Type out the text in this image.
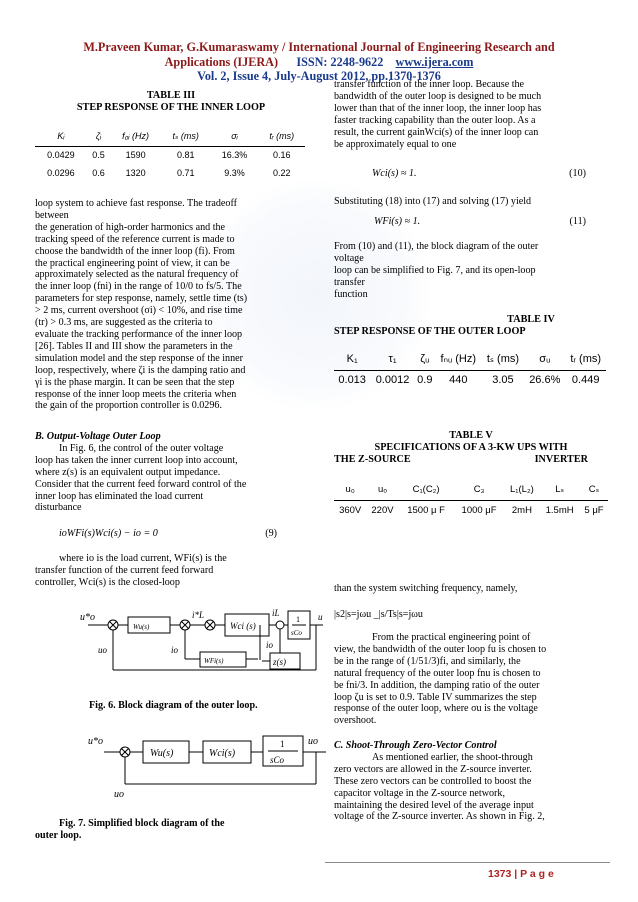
M.Praveen Kumar, G.Kumaraswamy / International Journal of Engineering Research and
Applications (IJERA) ISSN: 2248-9622 www.ijera.com
Vol. 2, Issue 4, July-August 2012, pp.1370-1376
TABLE III
STEP RESPONSE OF THE INNER LOOP
Kᵢ	ζᵢ	f₀ᵢ (Hz)	tₛ (ms)	σᵢ	tᵣ (ms)
0.0429	0.5	1590	0.81	16.3%	0.16
0.0296	0.6	1320	0.71	9.3%	0.22

loop system to achieve fast response. The tradeoff

between

the generation of high-order harmonics and the

tracking speed of the reference current is made to

choose the bandwidth of the inner loop (fi). From

the practical engineering point of view, it can be

approximately selected as the natural frequency of

the inner loop (fni) in the range of 10/0 to fs/5. The

parameters for step response, namely, settle time (ts)

> 2 ms, current overshoot (σi) < 10%, and rise time

(tr) > 0.3 ms, are suggested as the criteria to

evaluate the tracking performance of the inner loop

[26]. Tables II and III show the parameters in the

simulation model and the step response of the inner

loop, respectively, where ζi is the damping ratio and

γi is the phase margin. It can be seen that the step

response of the inner loop meets the criteria when

the gain of the proportion controller is 0.0296.

B. Output-Voltage Outer Loop

In Fig. 6, the control of the outer voltage

loop has taken the inner current loop into account,

where z(s) is an equivalent output impedance.

Consider that the current feed forward control of the

inner loop has eliminated the load current

disturbance

ioWFi(s)Wci(s) − io = 0	(9)

where io is the load current, WFi(s) is the

transfer function of the current feed forward

controller, Wci(s) is the closed-loop

u*o
Wu(s)
i*L
Wci (s)
iL
1
sCo
uo	io
WFi(s)
io
z(s)
u
Fig. 6. Block diagram of the outer loop.
u*o
Wu(s)	Wci(s)
1
sCo
uo
uo

Fig. 7. Simplified block diagram of the

outer loop.

transfer function of the inner loop. Because the

bandwidth of the outer loop is designed to be much

lower than that of the inner loop, the inner loop has

faster tracking capability than the outer loop. As a

result, the current gainWci(s) of the inner loop can

be approximately equal to one

Wci(s) ≈ 1.	(10)
Substituting (18) into (17) and solving (17) yield
WFi(s) ≈ 1.	(11)

From (10) and (11), the block diagram of the outer

voltage

loop can be simplified to Fig. 7, and its open-loop

transfer

function

TABLE IV
STEP RESPONSE OF THE OUTER LOOP
K₁	τ₁	ζᵤ	fₙᵤ (Hz)	tₛ (ms)	σᵤ	tᵣ (ms)
0.013	0.0012	0.9	440	3.05	26.6%	0.449
TABLE V
SPECIFICATIONS OF A 3-KW UPS WITH
THE Z-SOURCE	INVERTER
u₀	uₒ	C₁(C₂)	C₃	L₁(L₂)	Lₛ	Cₛ
360V	220V	1500 μ F	1000 μF	2mH	1.5mH	5 μF
than the system switching frequency, namely,
|s2|s=jωu _|s/Ts|s=jωu

From the practical engineering point of

view, the bandwidth of the outer loop fu is chosen to

be in the range of (1/51/3)fi, and similarly, the

natural frequency of the outer loop fnu is chosen to

be fni/3. In addition, the damping ratio of the outer

loop ζu is set to 0.9. Table IV summarizes the step

response of the outer loop, where σu is the voltage

overshoot.

C. Shoot-Through Zero-Vector Control

As mentioned earlier, the shoot-through

zero vectors are allowed in the Z-source inverter.

These zero vectors can be controlled to boost the

capacitor voltage in the Z-source network,

maintaining the desired level of the average input

voltage of the Z-source inverter. As shown in Fig. 2,

1373 | P a g e
